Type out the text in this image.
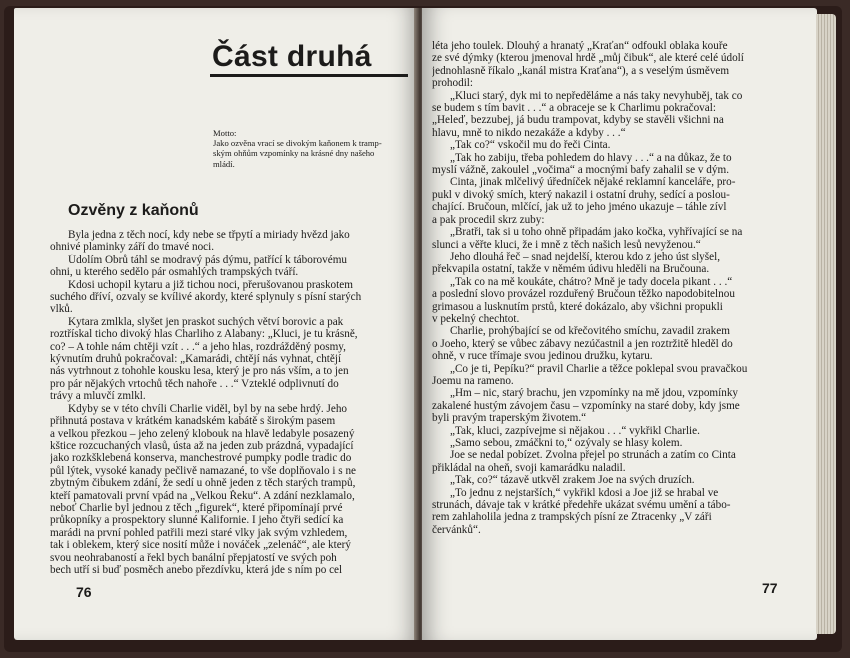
Část druhá
Motto:
Jako ozvěna vrací se divokým kaňonem k tramp-
ským ohňům vzpomínky na krásné dny našeho
mládí.
Ozvěny z kaňonů
Byla jedna z těch nocí, kdy nebe se třpytí a miriady hvězd jako
ohnivé plaminky září do tmavé noci.
Údolím Obrů táhl se modravý pás dýmu, patřící k táborovému
ohni, u kterého sedělo pár osmahlých trampských tváří.
Kdosi uchopil kytaru a již tichou noci, přerušovanou praskotem
suchého dříví, ozvaly se kvílivé akordy, které splynuly s písní starých
vlků.
Kytara zmlkla, slyšet jen praskot suchých větví borovic a pak
roztřískal ticho divoký hlas Charliho z Alabany: „Kluci, je tu krásně,
co? – A tohle nám chtěji vzít . . .“ a jeho hlas, rozdrážděný posmy,
kývnutím druhů pokračoval: „Kamarádi, chtějí nás vyhnat, chtějí
nás vytrhnout z tohohle kousku lesa, který je pro nás vším, a to jen
pro pár nějakých vrtochů těch nahoře . . .“ Vzteklé odplivnutí do
trávy a mluvčí zmlkl.
Kdyby se v této chvíli Charlie viděl, byl by na sebe hrdý. Jeho
přihnutá postava v krátkém kanadském kabátě s širokým pasem
a velkou přezkou – jeho zelený klobouk na hlavě ledabyle posazený
kštice rozcuchaných vlasů, ústa až na jeden zub prázdná, vypadající
jako rozkšklebená konserva, manchestrové pumpky podle tradic do
půl lýtek, vysoké kanady pečlivě namazané, to vše doplňovalo i s ne
zbytným čibukem zdání, že sedí u ohně jeden z těch starých trampů,
kteří pamatovali první vpád na „Velkou Řeku“. A zdání nezklamalo,
neboť Charlie byl jednou z těch „figurek“, které připomínají prvé
průkopníky a prospektory slunné Kalifornie. I jeho čtyři sedící ka
marádi na první pohled patřili mezi staré vlky jak svým vzhledem,
tak i oblekem, který sice nosití může i nováček „zelenáč“, ale který
svou neohrabaností a řekl bych banální přepjatostí ve svých poh
bech utří si buď posměch anebo přezdívku, která jde s ním po cel
léta jeho toulek. Dlouhý a hranatý „Kraťan“ odfoukl oblaka kouře
ze své dýmky (kterou jmenoval hrdě „můj čibuk“, ale které celé údolí
jednohlasně říkalo „kanál mistra Kraťana“), a s veselým úsměvem
prohodil:
„Kluci starý, dyk mi to nepředěláme a nás taky nevyhuběj, tak co
se budem s tím bavit . . .“ a obraceje se k Charlimu pokračoval:
„Heleď, bezzubej, já budu trampovat, kdyby se stavěli všichni na
hlavu, mně to nikdo nezakáže a kdyby . . .“
„Tak co?“ vskočil mu do řeči Cinta.
„Tak ho zabiju, třeba pohledem do hlavy . . .“ a na důkaz, že to
myslí vážně, zakoulel „vočima“ a mocnými bafy zahalil se v dým.
Cinta, jinak mlčelivý úředníček nějaké reklamní kanceláře, pro-
pukl v divoký smích, který nakazil i ostatní druhy, sedící a poslou-
chající. Bručoun, mlčící, jak už to jeho jméno ukazuje – táhle zívl
a pak procedil skrz zuby:
„Bratři, tak si u toho ohně připadám jako kočka, vyhřívající se na
slunci a věřte kluci, že i mně z těch našich lesů nevyženou.“
Jeho dlouhá řeč – snad nejdelší, kterou kdo z jeho úst slyšel,
překvapila ostatní, takže v němém údivu hleděli na Bručouna.
„Tak co na mě koukáte, chátro? Mně je tady docela pikant . . .“
a poslední slovo provázel rozduřený Bručoun těžko napodobitelnou
grimasou a lusknutím prstů, které dokázalo, aby všichni propukli
v pekelný chechtot.
Charlie, prohýbající se od křečovitého smíchu, zavadil zrakem
o Joeho, který se vůbec zábavy nezúčastnil a jen roztržitě hleděl do
ohně, v ruce třímaje svou jedinou družku, kytaru.
„Co je ti, Pepíku?“ pravil Charlie a těžce poklepal svou pravačkou
Joemu na rameno.
„Hm – nic, starý brachu, jen vzpomínky na mě jdou, vzpomínky
zakalené hustým závojem času – vzpomínky na staré doby, kdy jsme
byli pravým traperským životem.“
„Tak, kluci, zazpívejme si nějakou . . .“ vykřikl Charlie.
„Samo sebou, zmáčkni to,“ ozývaly se hlasy kolem.
Joe se nedal pobízet. Zvolna přejel po strunách a zatím co Cinta
přikládal na oheň, svoji kamarádku naladil.
„Tak, co?“ tázavě utkvěl zrakem Joe na svých druzích.
„To jednu z nejstarších,“ vykřikl kdosi a Joe již se hrabal ve
strunách, dávaje tak v krátké předehře ukázat svému umění a tábo-
rem zahlaholila jedna z trampských písní ze Ztracenky „V záři
červánků“.
76	77
